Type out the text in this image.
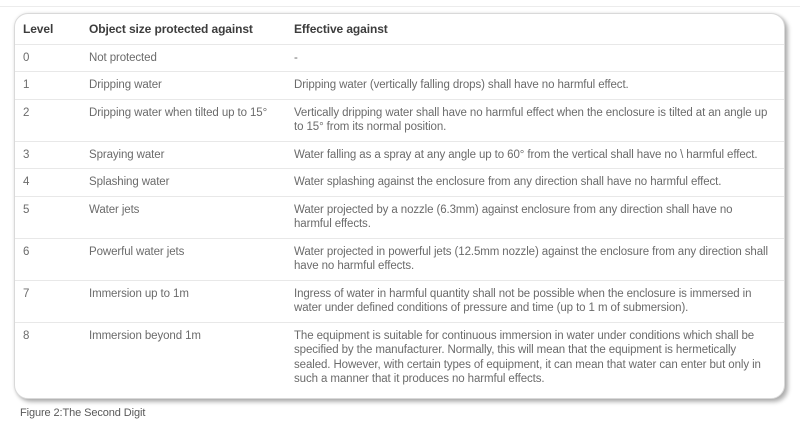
Level	Object size protected against	Effective against
0	Not protected	-
1	Dripping water	Dripping water (vertically falling drops) shall have no harmful effect.
2	Dripping water when tilted up to 15°	Vertically dripping water shall have no harmful effect when the enclosure is tilted at an angle up to 15° from its normal position.
3	Spraying water	Water falling as a spray at any angle up to 60° from the vertical shall have no \ harmful effect.
4	Splashing water	Water splashing against the enclosure from any direction shall have no harmful effect.
5	Water jets	Water projected by a nozzle (6.3mm) against enclosure from any direction shall have no harmful effects.
6	Powerful water jets	Water projected in powerful jets (12.5mm nozzle) against the enclosure from any direction shall have no harmful effects.
7	Immersion up to 1m	Ingress of water in harmful quantity shall not be possible when the enclosure is immersed in water under defined conditions of pressure and time (up to 1 m of submersion).
8	Immersion beyond 1m	The equipment is suitable for continuous immersion in water under conditions which shall be specified by the manufacturer. Normally, this will mean that the equipment is hermetically sealed. However, with certain types of equipment, it can mean that water can enter but only in such a manner that it produces no harmful effects.
Figure 2:The Second Digit
